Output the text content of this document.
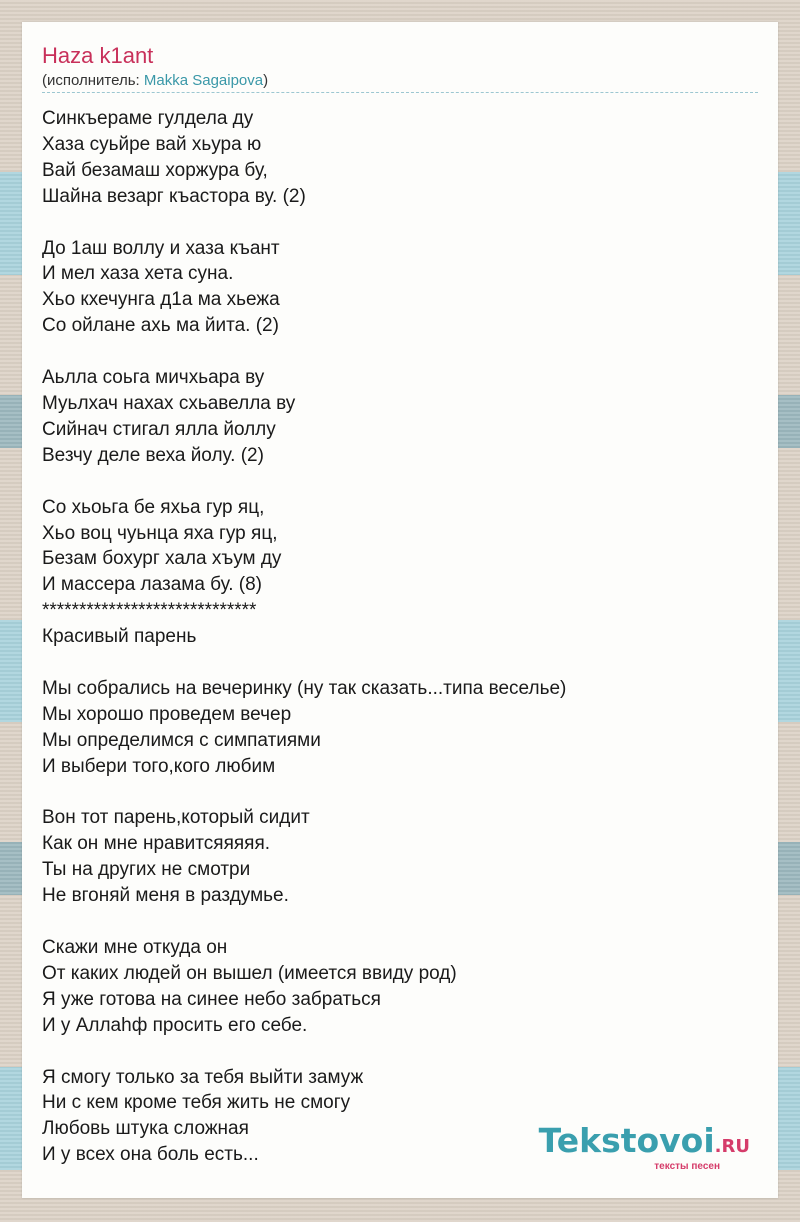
Haza k1ant
(исполнитель: Makka Sagaipova)
Синкъераме гулдела ду
Хаза суьйре вай хьура ю
Вай безамаш хоржура бу,
Шайна везарг къастора ву. (2)

До 1аш воллу и хаза къант
И мел хаза хета суна.
Хьо кхечунга д1а ма хьежа
Со ойлане ахь ма йита. (2)

Аьлла соьга мичхьара ву
Муьлхач нахах схьавелла ву
Сийнач стигал ялла йоллу
Везчу деле веха йолу. (2)

Со хьоьга бе яхьа гур яц,
Хьо воц чуьнца яха гур яц,
Безам бохург хала хъум ду
И массера лазама бу. (8)
*****************************
Красивый парень

Мы собрались на вечеринку (ну так сказать...типа веселье)
Мы хорошо проведем вечер
Мы определимся с симпатиями
И выбери того,кого любим

Вон тот парень,который сидит
Как он мне нравитсяяяяя.
Ты на других не смотри
Не вгоняй меня в раздумье.

Скажи мне откуда он
От каких людей он вышел (имеется ввиду род)
Я уже готова на синее небо забраться
И у Аллаhф просить его себе.

Я смогу только за тебя выйти замуж
Ни с кем кроме тебя жить не смогу
Любовь штука сложная
И у всех она боль есть...	Tekstovoi.RU
тексты песен
